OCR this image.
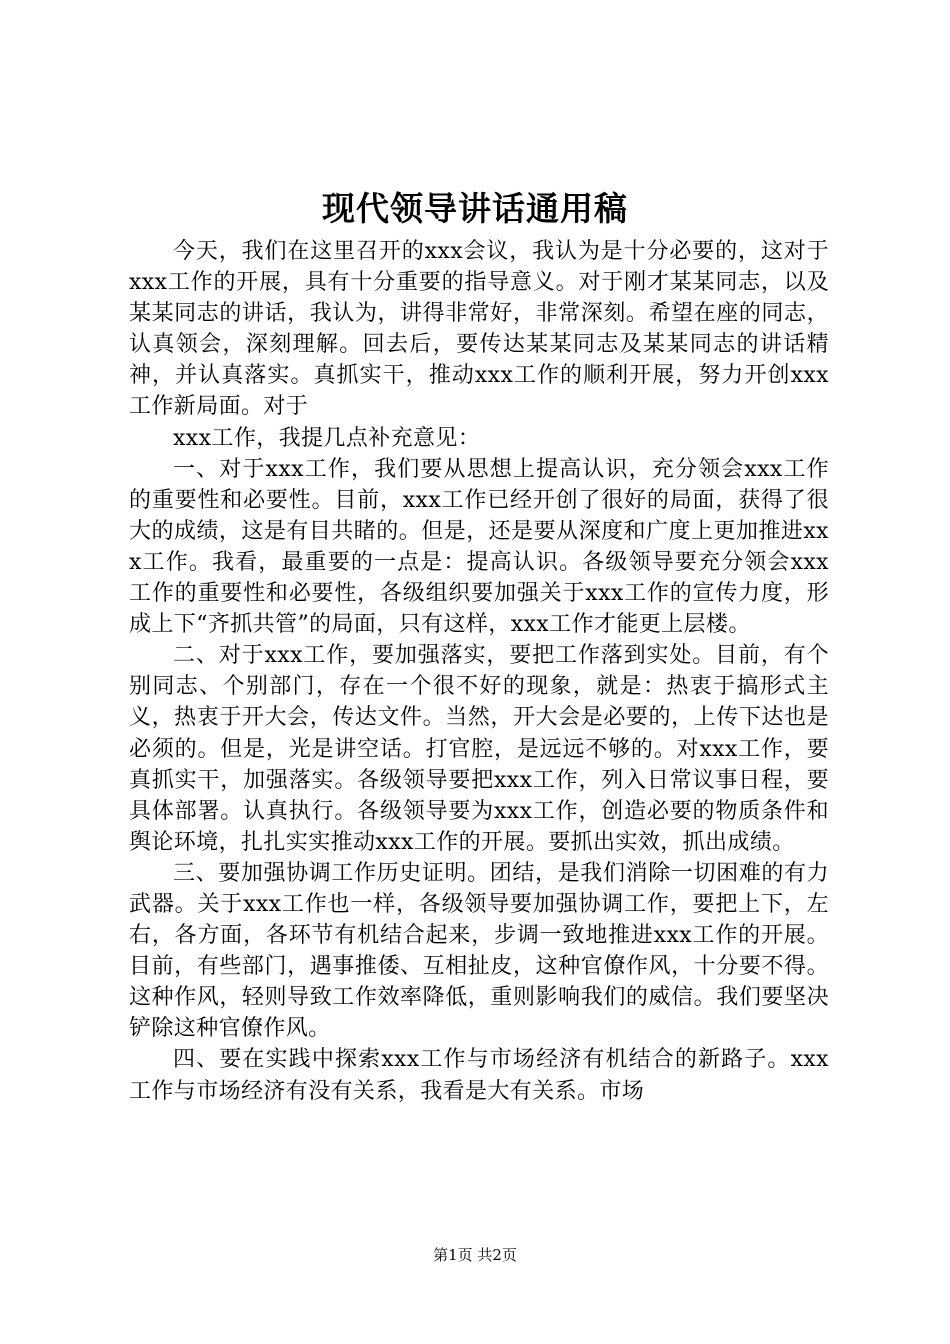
现代领导讲话通用稿

今天，我们在这里召开的xxx会议，我认为是十分必要的，这对于xxx工作的开展，具有十分重要的指导意义。对于刚才某某同志，以及某某同志的讲话，我认为，讲得非常好，非常深刻。希望在座的同志，认真领会，深刻理解。回去后，要传达某某同志及某某同志的讲话精神，并认真落实。真抓实干，推动xxx工作的顺利开展，努力开创xxx工作新局面。对于

xxx工作，我提几点补充意见：

一、对于xxx工作，我们要从思想上提高认识，充分领会xxx工作的重要性和必要性。目前，xxx工作已经开创了很好的局面，获得了很大的成绩，这是有目共睹的。但是，还是要从深度和广度上更加推进xxx工作。我看，最重要的一点是：提高认识。各级领导要充分领会xxx工作的重要性和必要性，各级组织要加强关于xxx工作的宣传力度，形成上下“齐抓共管”的局面，只有这样，xxx工作才能更上层楼。

二、对于xxx工作，要加强落实，要把工作落到实处。目前，有个别同志、个别部门，存在一个很不好的现象，就是：热衷于搞形式主义，热衷于开大会，传达文件。当然，开大会是必要的，上传下达也是必须的。但是，光是讲空话。打官腔，是远远不够的。对xxx工作，要真抓实干，加强落实。各级领导要把xxx工作，列入日常议事日程，要具体部署。认真执行。各级领导要为xxx工作，创造必要的物质条件和舆论环境，扎扎实实推动xxx工作的开展。要抓出实效，抓出成绩。

三、要加强协调工作历史证明。团结，是我们消除一切困难的有力武器。关于xxx工作也一样，各级领导要加强协调工作，要把上下，左右，各方面，各环节有机结合起来，步调一致地推进xxx工作的开展。目前，有些部门，遇事推倭、互相扯皮，这种官僚作风，十分要不得。这种作风，轻则导致工作效率降低，重则影响我们的威信。我们要坚决铲除这种官僚作风。

四、要在实践中探索xxx工作与市场经济有机结合的新路子。xxx工作与市场经济有没有关系，我看是大有关系。市场

第1页 共2页
